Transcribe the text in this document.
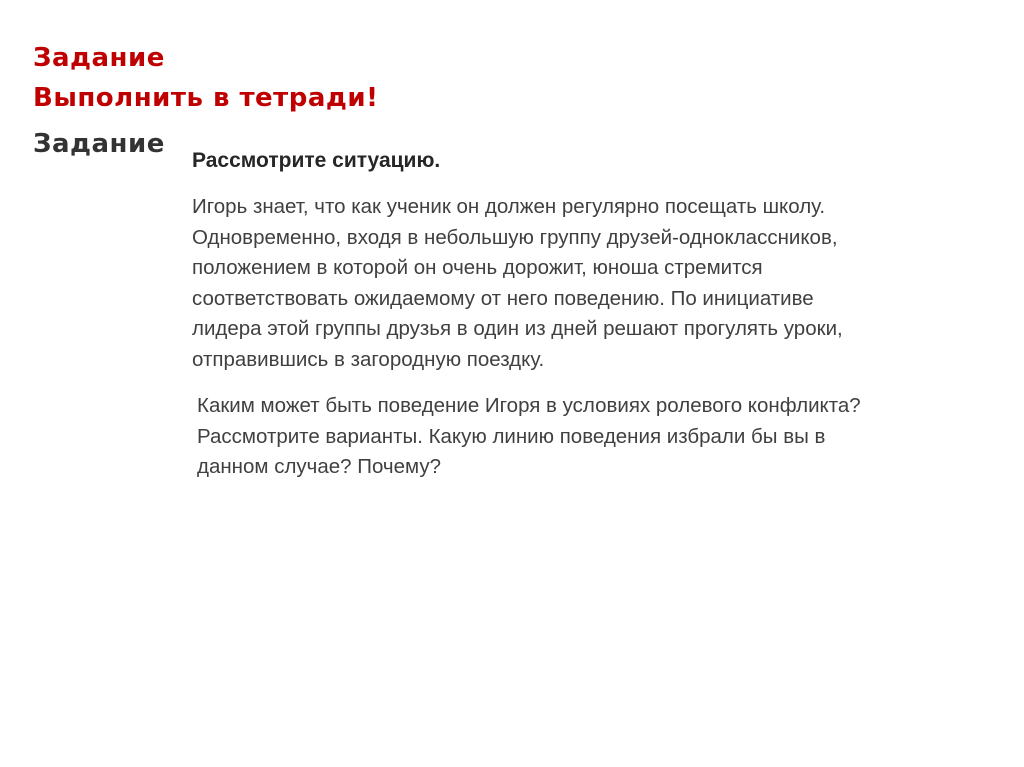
Задание
Выполнить в тетради!
Задание
Рассмотрите ситуацию.

Игорь знает, что как ученик он должен регулярно посещать школу.
Одновременно, входя в небольшую группу друзей-одноклассников,
положением в которой он очень дорожит, юноша стремится
соответствовать ожидаемому от него поведению. По инициативе
лидера этой группы друзья в один из дней решают прогулять уроки,
отправившись в загородную поездку.

Каким может быть поведение Игоря в условиях ролевого конфликта?
Рассмотрите варианты. Какую линию поведения избрали бы вы в
данном случае? Почему?
